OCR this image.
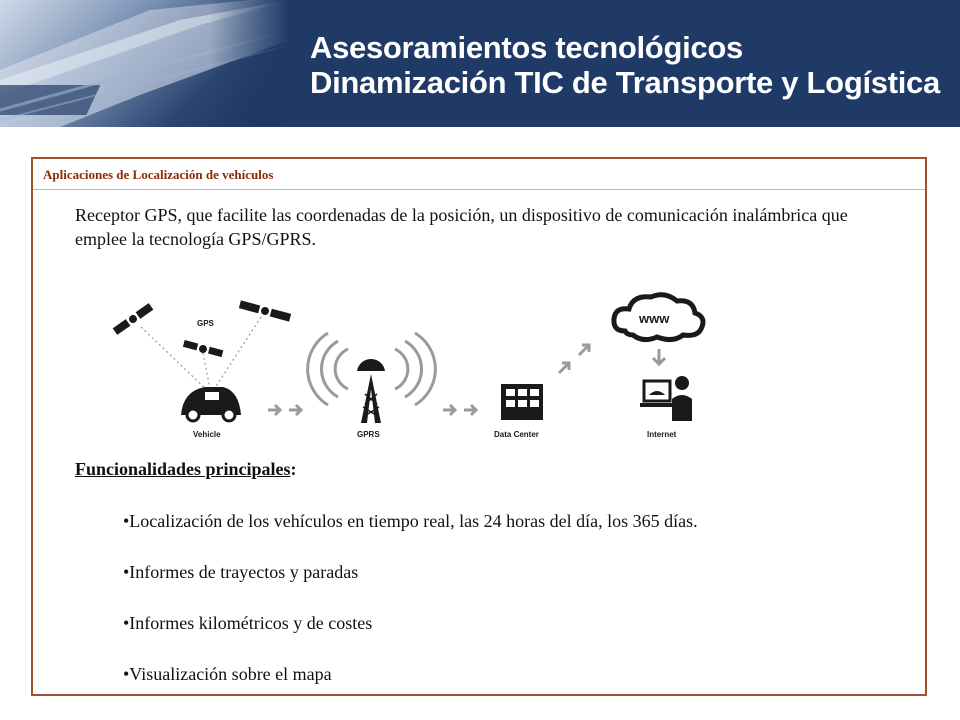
Asesoramientos tecnológicos
Dinamización TIC de Transporte y Logística
Aplicaciones de Localización de vehículos
Receptor GPS, que facilite las coordenadas de la posición, un dispositivo de comunicación inalámbrica que emplee la tecnología GPS/GPRS.
GPS
Vehicle	GPRS	Data Center
www
Internet
Funcionalidades principales:
•Localización de los vehículos en tiempo real, las 24 horas del día, los 365 días.
•Informes de trayectos y paradas
•Informes kilométricos y de costes
•Visualización sobre el mapa
